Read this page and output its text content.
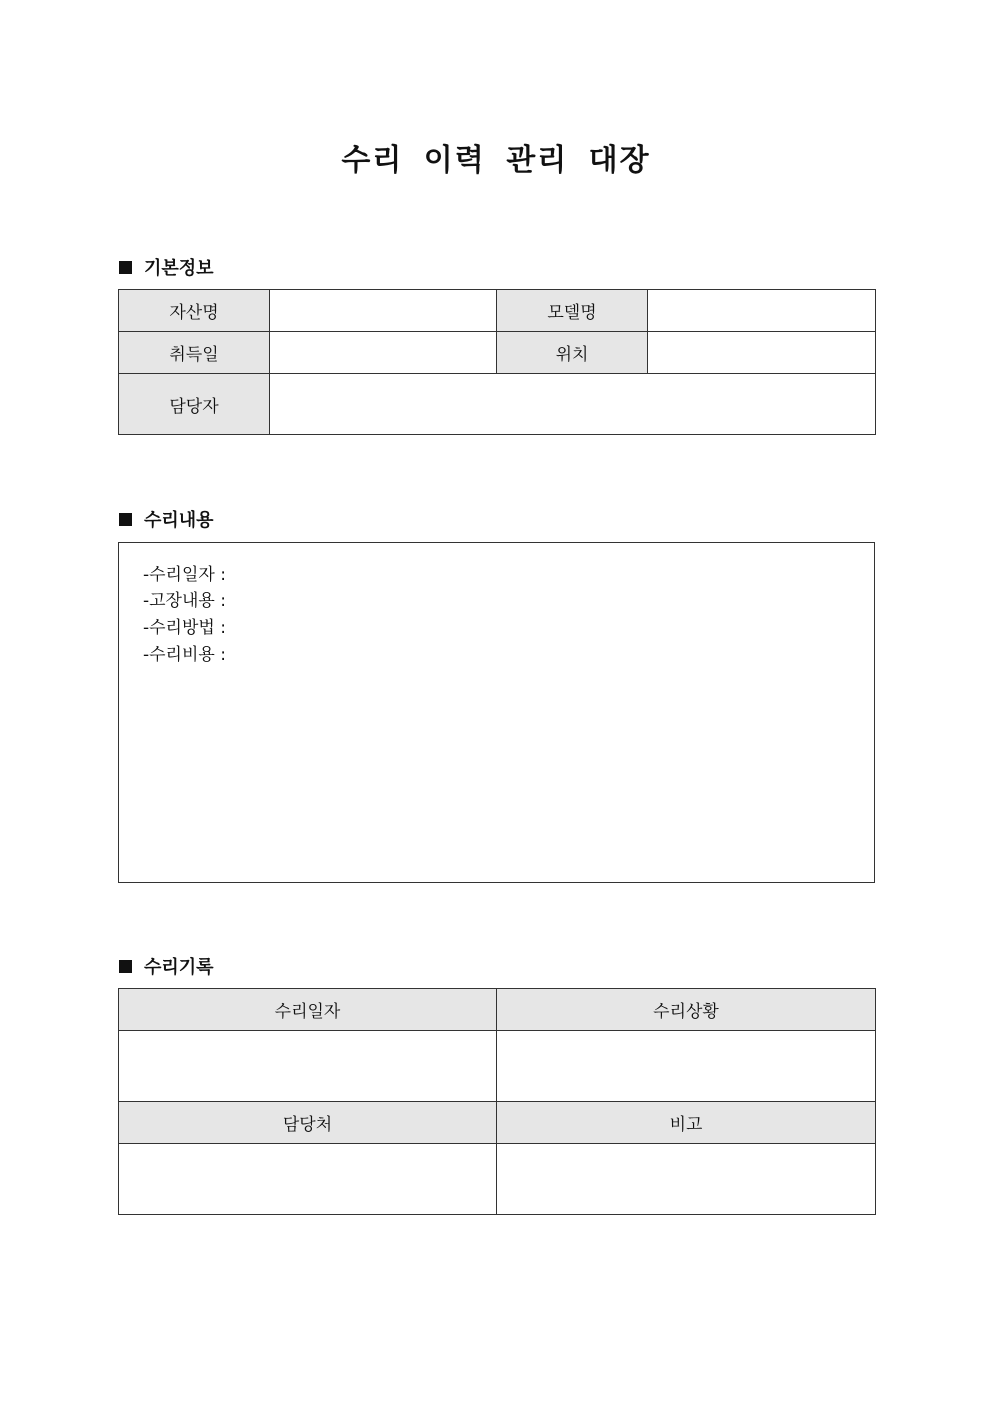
수리 이력 관리 대장
기본정보
자산명		모델명	
취득일		위치	
담당자			
수리내용
-수리일자 :
-고장내용 :
-수리방법 :
-수리비용 :
수리기록
수리일자	수리상황

담당처	비고
